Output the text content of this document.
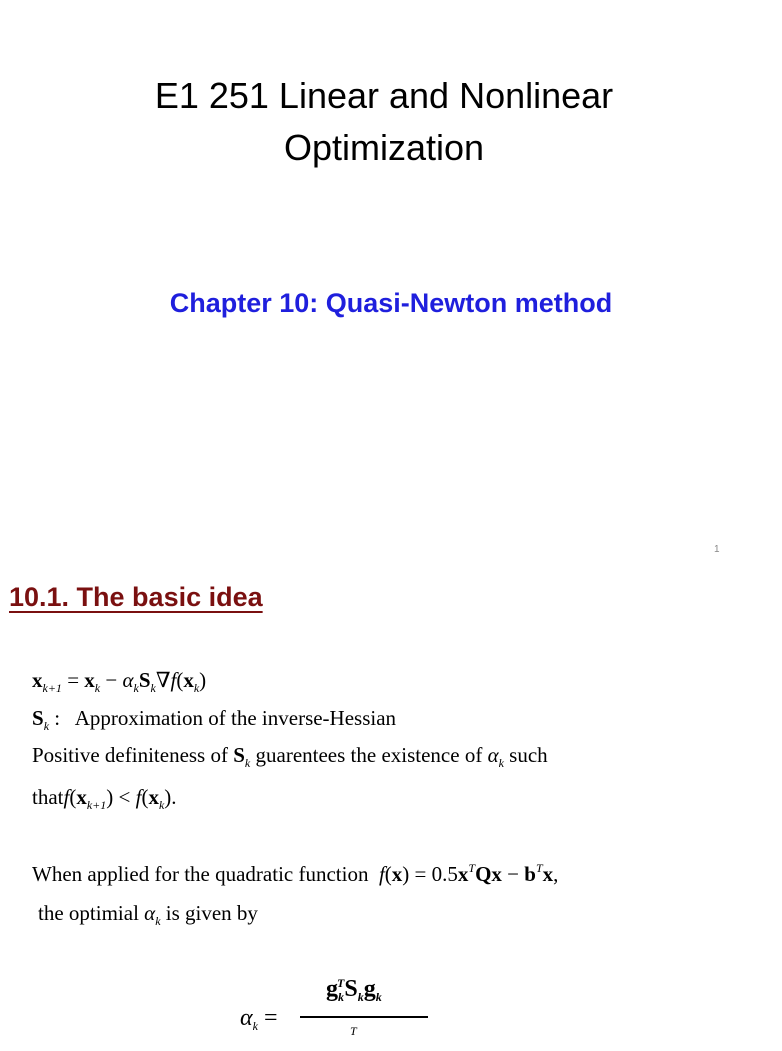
E1 251 Linear and Nonlinear
Optimization
Chapter 10: Quasi-Newton method
1
10.1. The basic idea
$x_{k+1} = x_k - \alpha_kS_k\nabla f(x_k)$
$S_k$ :   Approximation of the inverse-Hessian
Positive definiteness of $S_k$ guarentees the existence of $\alpha_k$ such
$thatf(x_{k+1}) < f(x_k)$.
When applied for the quadratic function $f(x) = 0.5x^TQx - b^Tx$,
the optimial $\alpha_k$ is given by
$\alpha_k$ =
$g_k^TS_kg_k$
$^T$
